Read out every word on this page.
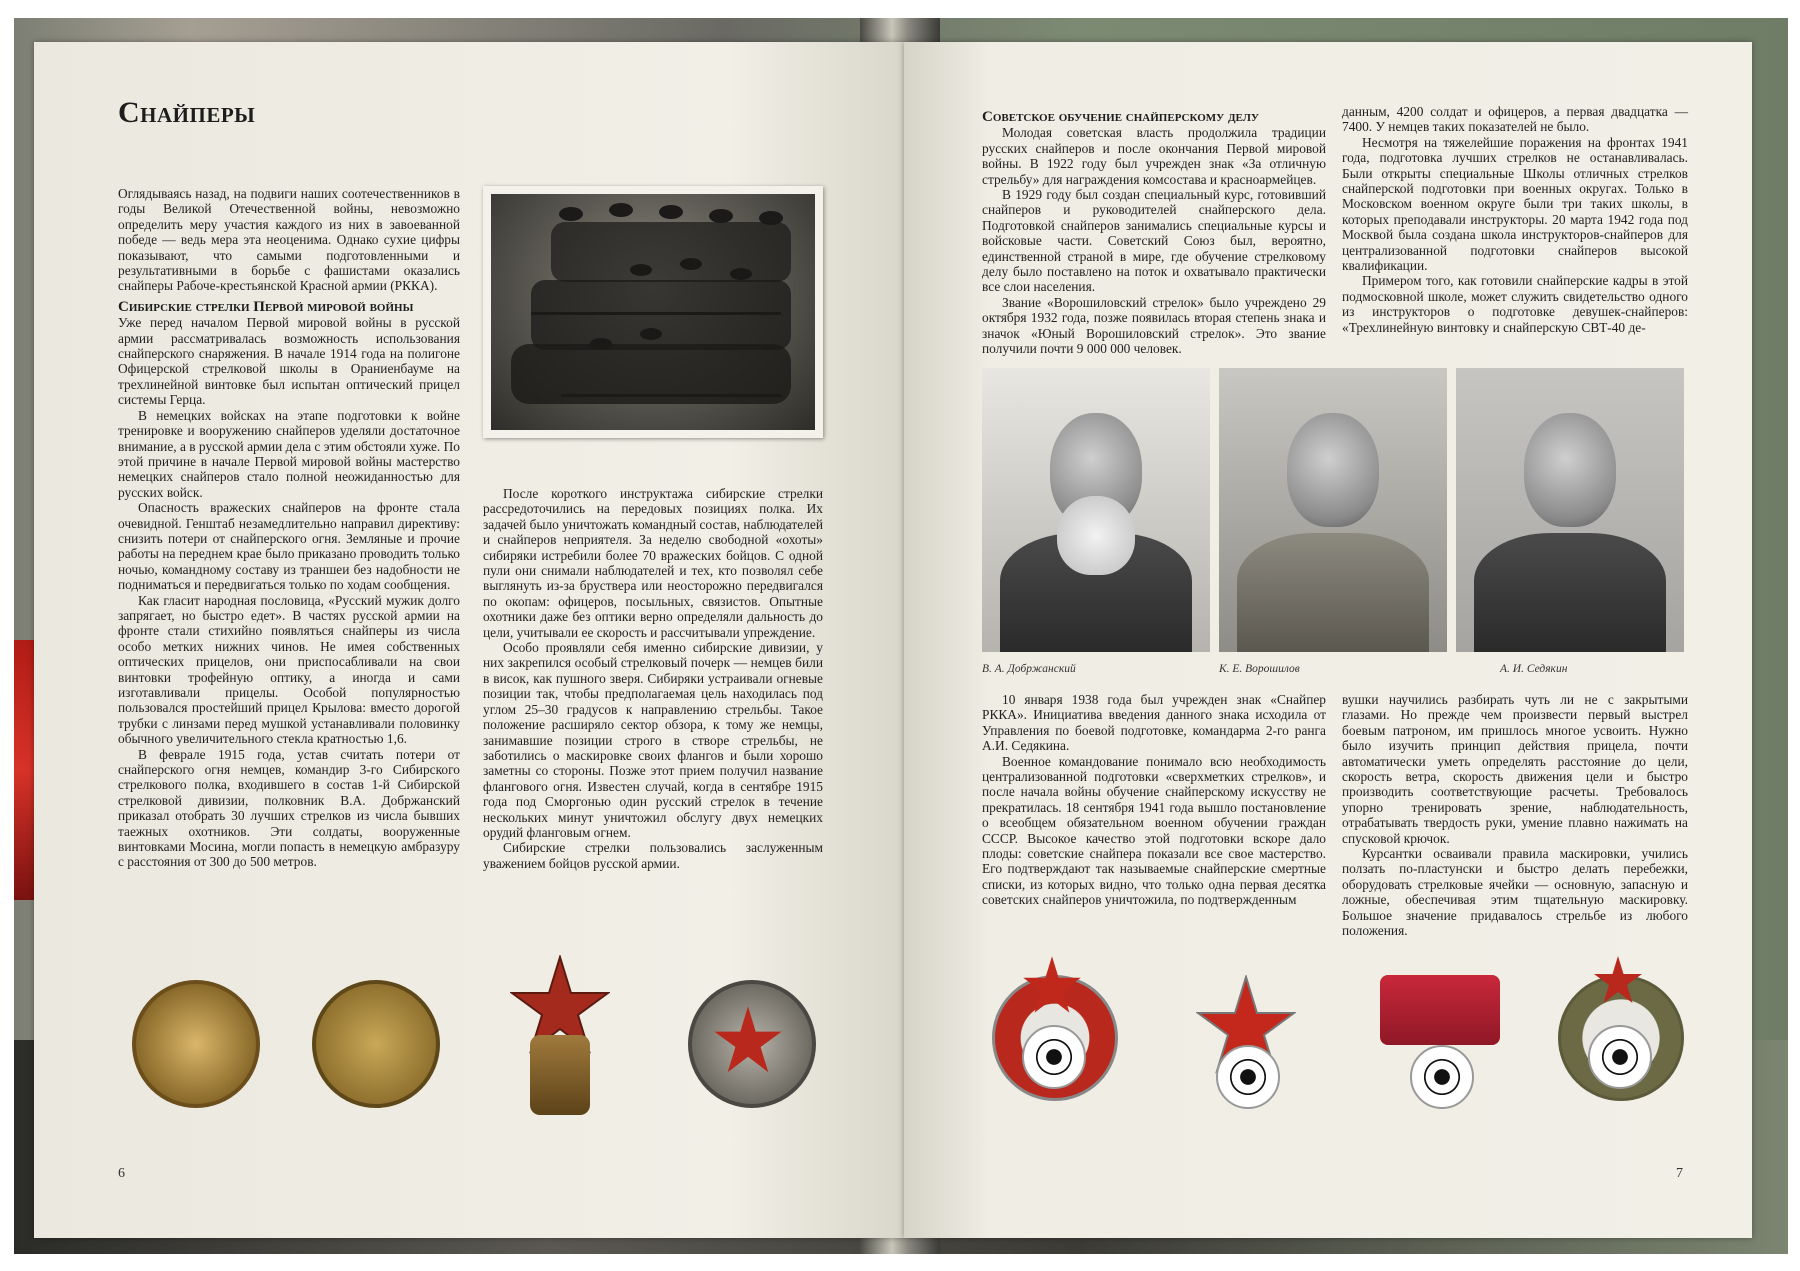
Снайперы

Оглядываясь назад, на подвиги наших соотечественников в годы Великой Отечественной войны, невозможно определить меру участия каждого из них в завоеванной победе — ведь мера эта неоценима. Однако сухие цифры показывают, что самыми подготовленными и результативными в борьбе с фашистами оказались снайперы Рабоче-крестьянской Красной армии (РККА).

Сибирские стрелки Первой мировой войны

Уже перед началом Первой мировой войны в русской армии рассматривалась возможность использования снайперского снаряжения. В начале 1914 года на полигоне Офицерской стрелковой школы в Ораниенбауме на трехлинейной винтовке был испытан оптический прицел системы Герца.

В немецких войсках на этапе подготовки к войне тренировке и вооружению снайперов уделяли достаточное внимание, а в русской армии дела с этим обстояли хуже. По этой причине в начале Первой мировой войны мастерство немецких снайперов стало полной неожиданностью для русских войск.

Опасность вражеских снайперов на фронте стала очевидной. Генштаб незамедлительно направил директиву: снизить потери от снайперского огня. Земляные и прочие работы на переднем крае было приказано проводить только ночью, командному составу из траншеи без надобности не подниматься и передвигаться только по ходам сообщения.

Как гласит народная пословица, «Русский мужик долго запрягает, но быстро едет». В частях русской армии на фронте стали стихийно появляться снайперы из числа особо метких нижних чинов. Не имея собственных оптических прицелов, они приспосабливали на свои винтовки трофейную оптику, а иногда и сами изготавливали прицелы. Особой популярностью пользовался простейший прицел Крылова: вместо дорогой трубки с линзами перед мушкой устанавливали половинку обычного увеличительного стекла кратностью 1,6.

В феврале 1915 года, устав считать потери от снайперского огня немцев, командир 3-го Сибирского стрелкового полка, входившего в состав 1-й Сибирской стрелковой дивизии, полковник В.А. Добржанский приказал отобрать 30 лучших стрелков из числа бывших таежных охотников. Эти солдаты, вооруженные винтовками Мосина, могли попасть в немецкую амбразуру с расстояния от 300 до 500 метров.

После короткого инструктажа сибирские стрелки рассредоточились на передовых позициях полка. Их задачей было уничтожать командный состав, наблюдателей и снайперов неприятеля. За неделю свободной «охоты» сибиряки истребили более 70 вражеских бойцов. С одной пули они снимали наблюдателей и тех, кто позволял себе выглянуть из-за бруствера или неосторожно передвигался по окопам: офицеров, посыльных, связистов. Опытные охотники даже без оптики верно определяли дальность до цели, учитывали ее скорость и рассчитывали упреждение.

Особо проявляли себя именно сибирские дивизии, у них закрепился особый стрелковый почерк — немцев били в висок, как пушного зверя. Сибиряки устраивали огневые позиции так, чтобы предполагаемая цель находилась под углом 25–30 градусов к направлению стрельбы. Такое положение расширяло сектор обзора, к тому же немцы, занимавшие позиции строго в створе стрельбы, не заботились о маскировке своих флангов и были хорошо заметны со стороны. Позже этот прием получил название флангового огня. Известен случай, когда в сентябре 1915 года под Сморгонью один русский стрелок в течение нескольких минут уничтожил обслугу двух немецких орудий фланговым огнем.

Сибирские стрелки пользовались заслуженным уважением бойцов русской армии.

6
Советское обучение снайперскому делу

Молодая советская власть продолжила традиции русских снайперов и после окончания Первой мировой войны. В 1922 году был учрежден знак «За отличную стрельбу» для награждения комсостава и красноармейцев.

В 1929 году был создан специальный курс, готовивший снайперов и руководителей снайперского дела. Подготовкой снайперов занимались специальные курсы и войсковые части. Советский Союз был, вероятно, единственной страной в мире, где обучение стрелковому делу было поставлено на поток и охватывало практически все слои населения.

Звание «Ворошиловский стрелок» было учреждено 29 октября 1932 года, позже появилась вторая степень знака и значок «Юный Ворошиловский стрелок». Это звание получили почти 9 000 000 человек.

данным, 4200 солдат и офицеров, а первая двадцатка — 7400. У немцев таких показателей не было.

Несмотря на тяжелейшие поражения на фронтах 1941 года, подготовка лучших стрелков не останавливалась. Были открыты специальные Школы отличных стрелков снайперской подготовки при военных округах. Только в Московском военном округе были три таких школы, в которых преподавали инструкторы. 20 марта 1942 года под Москвой была создана школа инструкторов-снайперов для централизованной подготовки снайперов высокой квалификации.

Примером того, как готовили снайперские кадры в этой подмосковной школе, может служить свидетельство одного из инструкторов о подготовке девушек-снайперов: «Трехлинейную винтовку и снайперскую СВТ-40 де-

В. А. Добржанский	К. Е. Ворошилов	А. И. Седякин

10 января 1938 года был учрежден знак «Снайпер РККА». Инициатива введения данного знака исходила от Управления по боевой подготовке, командарма 2-го ранга А.И. Седякина.

Военное командование понимало всю необходимость централизованной подготовки «сверхметких стрелков», и после начала войны обучение снайперскому искусству не прекратилась. 18 сентября 1941 года вышло постановление о всеобщем обязательном военном обучении граждан СССР. Высокое качество этой подготовки вскоре дало плоды: советские снайпера показали все свое мастерство. Его подтверждают так называемые снайперские смертные списки, из которых видно, что только одна первая десятка советских снайперов уничтожила, по подтвержденным

вушки научились разбирать чуть ли не с закрытыми глазами. Но прежде чем произвести первый выстрел боевым патроном, им пришлось многое усвоить. Нужно было изучить принцип действия прицела, почти автоматически уметь определять расстояние до цели, скорость ветра, скорость движения цели и быстро производить соответствующие расчеты. Требовалось упорно тренировать зрение, наблюдательность, отрабатывать твердость руки, умение плавно нажимать на спусковой крючок.

Курсантки осваивали правила маскировки, учились ползать по-пластунски и быстро делать перебежки, оборудовать стрелковые ячейки — основную, запасную и ложные, обеспечивая этим тщательную маскировку. Большое значение придавалось стрельбе из любого положения.

7
